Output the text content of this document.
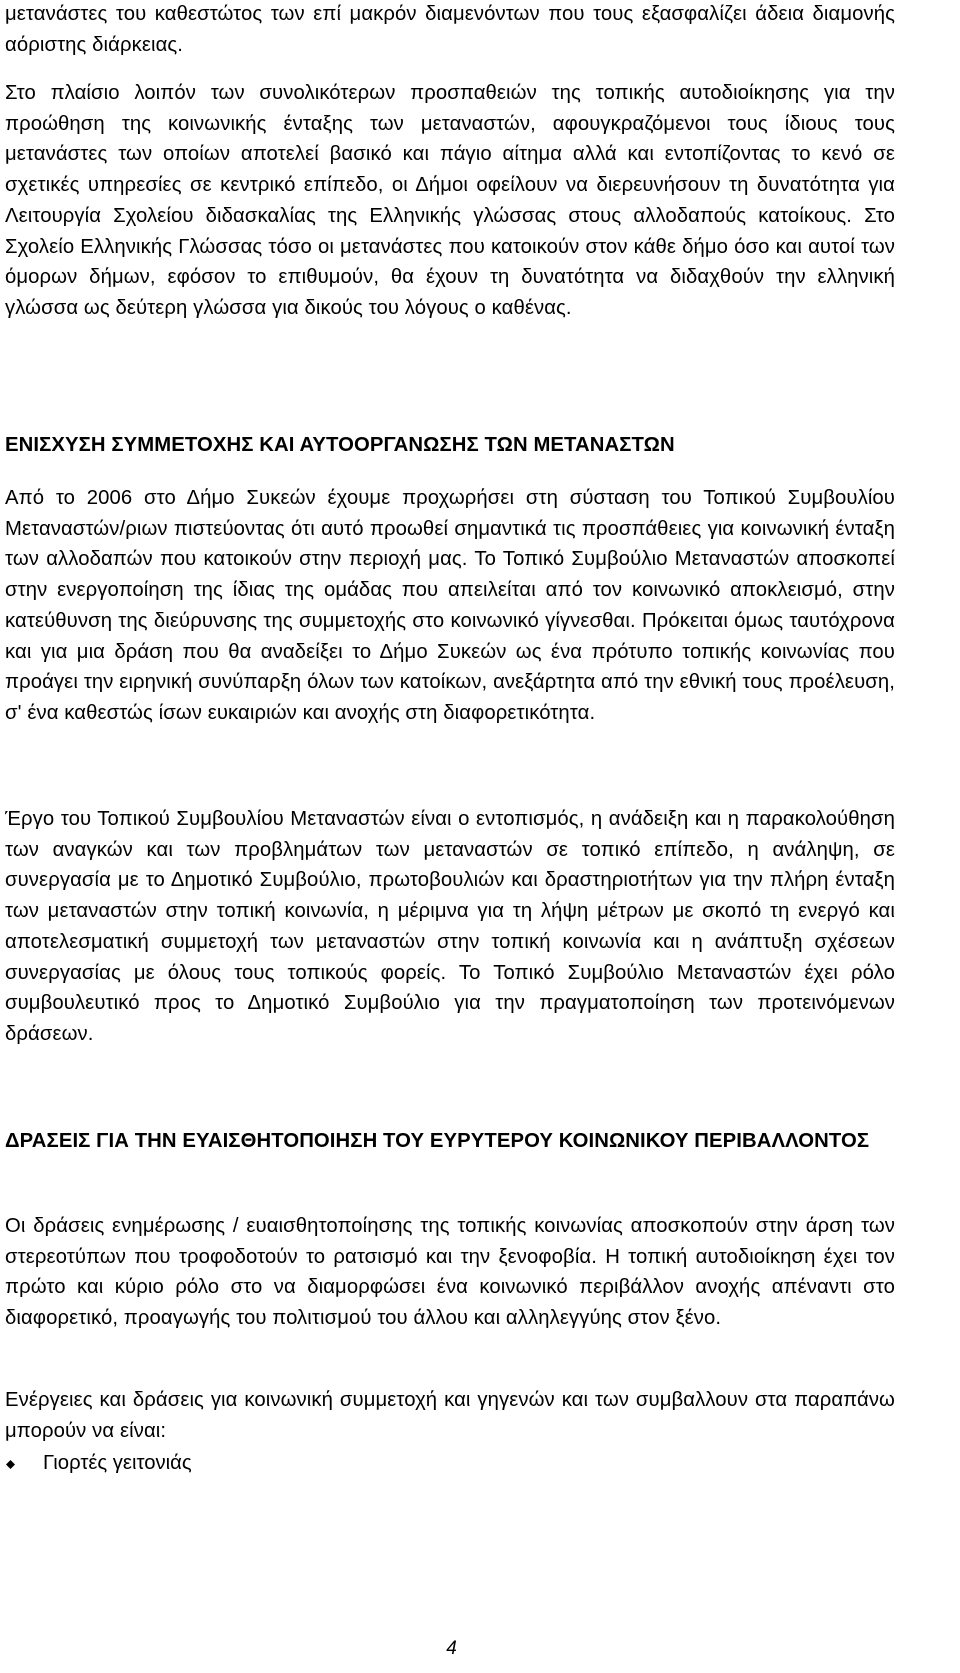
μετανάστες του καθεστώτος των επί μακρόν διαμενόντων που τους εξασφαλίζει άδεια διαμονής αόριστης διάρκειας.

Στο πλαίσιο λοιπόν των συνολικότερων προσπαθειών της τοπικής αυτοδιοίκησης για την προώθηση της κοινωνικής ένταξης των μεταναστών, αφουγκραζόμενοι τους ίδιους τους μετανάστες των οποίων αποτελεί βασικό και πάγιο αίτημα αλλά και εντοπίζοντας το κενό σε σχετικές υπηρεσίες σε κεντρικό επίπεδο, οι Δήμοι οφείλουν να διερευνήσουν τη δυνατότητα για Λειτουργία Σχολείου διδασκαλίας της Ελληνικής γλώσσας στους αλλοδαπούς κατοίκους. Στο Σχολείο Ελληνικής Γλώσσας τόσο οι μετανάστες που κατοικούν στον κάθε δήμο όσο και αυτοί των όμορων δήμων, εφόσον το επιθυμούν, θα έχουν τη δυνατότητα να διδαχθούν την ελληνική γλώσσα ως δεύτερη γλώσσα για δικούς του λόγους ο καθένας.

ΕΝΙΣΧΥΣΗ ΣΥΜΜΕΤΟΧΗΣ ΚΑΙ ΑΥΤΟΟΡΓΑΝΩΣΗΣ ΤΩΝ ΜΕΤΑΝΑΣΤΩΝ

Από το 2006 στο Δήμο Συκεών έχουμε προχωρήσει στη σύσταση του Τοπικού Συμβουλίου Μεταναστών/ριων πιστεύοντας ότι αυτό προωθεί σημαντικά τις προσπάθειες για κοινωνική ένταξη των αλλοδαπών που κατοικούν στην περιοχή μας. Το Τοπικό Συμβούλιο Μεταναστών αποσκοπεί στην ενεργοποίηση της ίδιας της ομάδας που απειλείται από τον κοινωνικό αποκλεισμό, στην κατεύθυνση της διεύρυνσης της συμμετοχής στο κοινωνικό γίγνεσθαι. Πρόκειται όμως ταυτόχρονα και για μια δράση που θα αναδείξει το Δήμο Συκεών ως ένα πρότυπο τοπικής κοινωνίας που προάγει την ειρηνική συνύπαρξη όλων των κατοίκων, ανεξάρτητα από την εθνική τους προέλευση, σ' ένα καθεστώς ίσων ευκαιριών και ανοχής στη διαφορετικότητα.

Έργο του Τοπικού Συμβουλίου Μεταναστών είναι ο εντοπισμός, η ανάδειξη και η παρακολούθηση των αναγκών και των προβλημάτων των μεταναστών σε τοπικό επίπεδο, η ανάληψη, σε συνεργασία με το Δημοτικό Συμβούλιο, πρωτοβουλιών και δραστηριοτήτων για την πλήρη ένταξη των μεταναστών στην τοπική κοινωνία, η μέριμνα για τη λήψη μέτρων με σκοπό τη ενεργό και αποτελεσματική συμμετοχή των μεταναστών στην τοπική κοινωνία και η ανάπτυξη σχέσεων συνεργασίας με όλους τους τοπικούς φορείς. Το Τοπικό Συμβούλιο Μεταναστών έχει ρόλο συμβουλευτικό προς το Δημοτικό Συμβούλιο για την πραγματοποίηση των προτεινόμενων δράσεων.

ΔΡΑΣΕΙΣ ΓΙΑ ΤΗΝ ΕΥΑΙΣΘΗΤΟΠΟΙΗΣΗ ΤΟΥ ΕΥΡΥΤΕΡΟΥ ΚΟΙΝΩΝΙΚΟΥ ΠΕΡΙΒΑΛΛΟΝΤΟΣ

Οι δράσεις ενημέρωσης / ευαισθητοποίησης της τοπικής κοινωνίας αποσκοπούν στην άρση των στερεοτύπων που τροφοδοτούν το ρατσισμό και την ξενοφοβία. Η τοπική αυτοδιοίκηση έχει τον πρώτο και κύριο ρόλο στο να διαμορφώσει ένα κοινωνικό περιβάλλον ανοχής απέναντι στο διαφορετικό, προαγωγής του πολιτισμού του άλλου και αλληλεγγύης στον ξένο.

Ενέργειες και δράσεις για κοινωνική συμμετοχή και γηγενών και των συμβαλλουν στα παραπάνω μπορούν να είναι:

Γιορτές γειτονιάς
4
